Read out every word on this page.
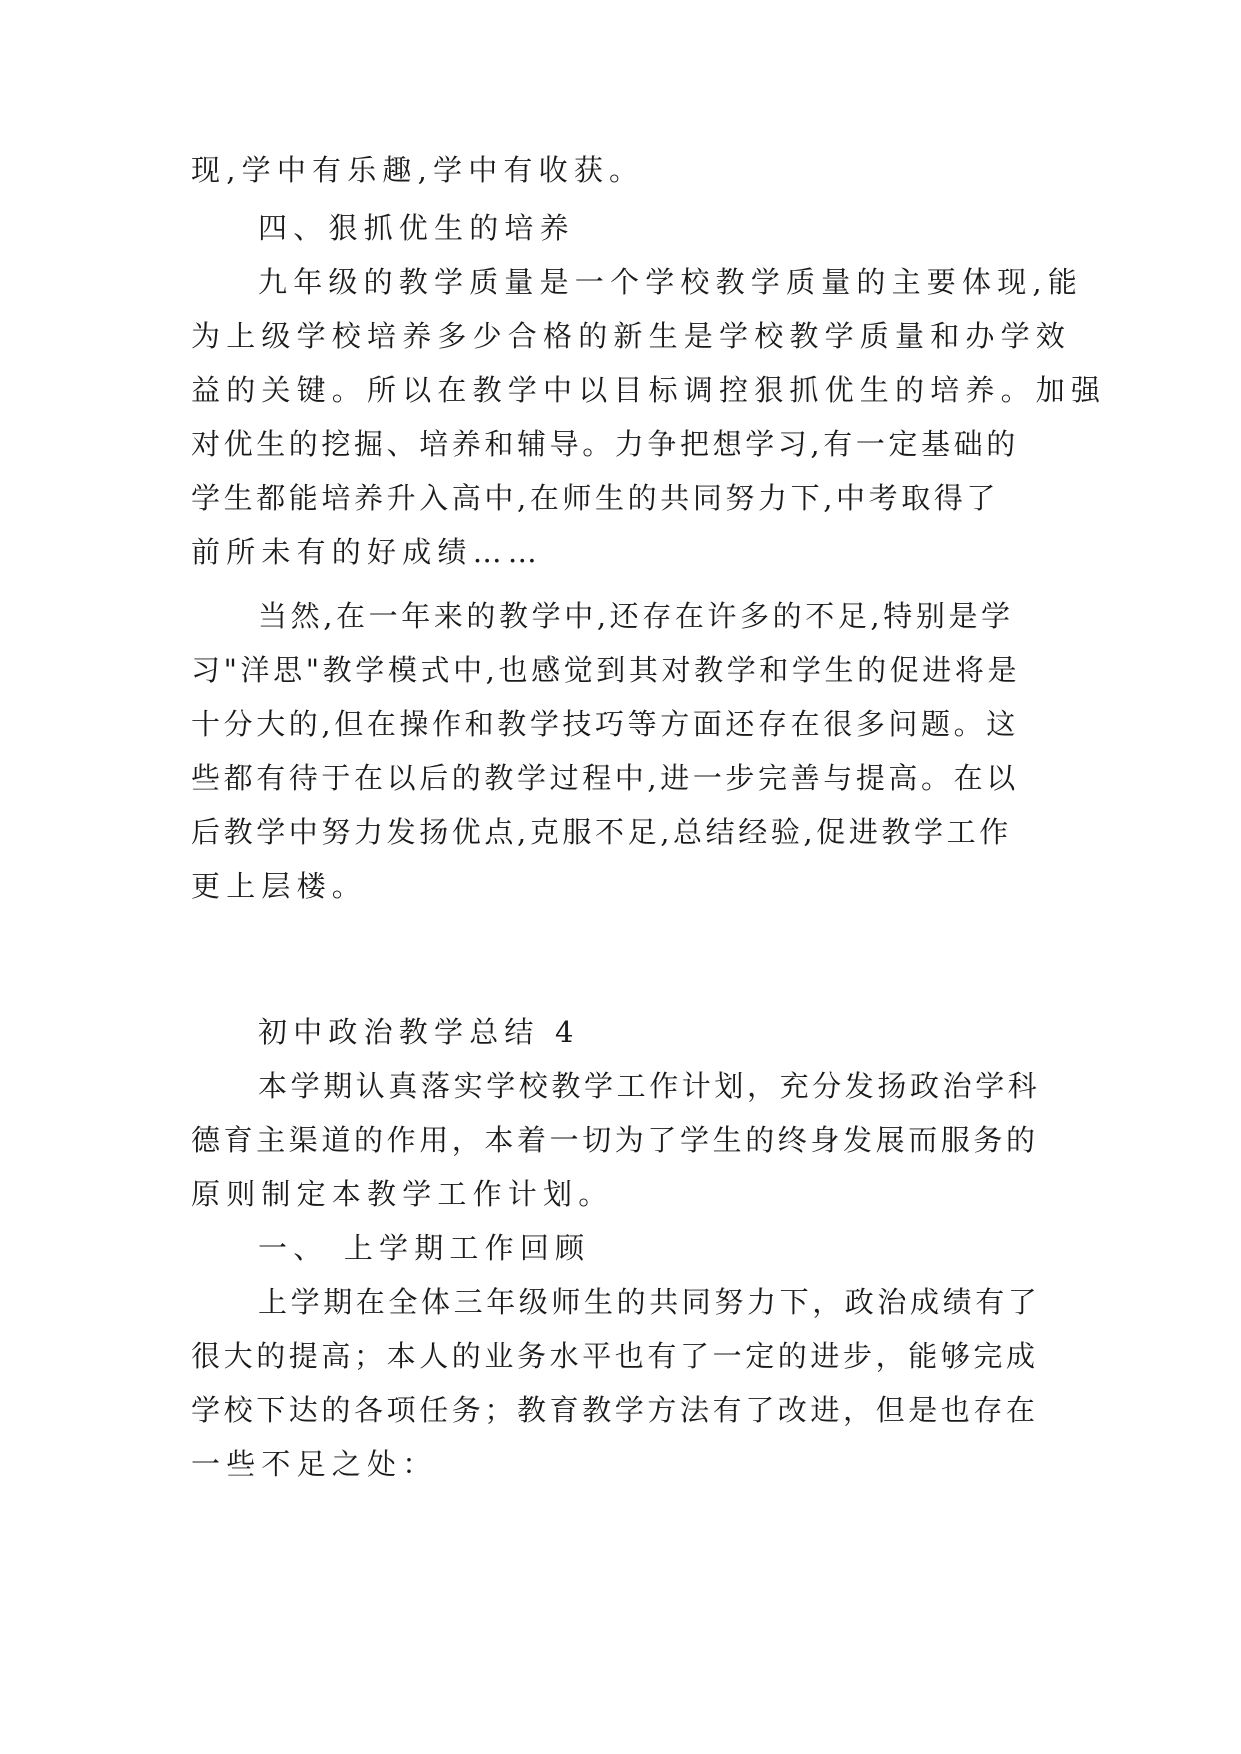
现,学中有乐趣,学中有收获。
四、狠抓优生的培养
九年级的教学质量是一个学校教学质量的主要体现,能
为上级学校培养多少合格的新生是学校教学质量和办学效
益的关键。所以在教学中以目标调控狠抓优生的培养。加强
对优生的挖掘、培养和辅导。力争把想学习,有一定基础的
学生都能培养升入高中,在师生的共同努力下,中考取得了
前所未有的好成绩……
当然,在一年来的教学中,还存在许多的不足,特别是学
习"洋思"教学模式中,也感觉到其对教学和学生的促进将是
十分大的,但在操作和教学技巧等方面还存在很多问题。这
些都有待于在以后的教学过程中,进一步完善与提高。在以
后教学中努力发扬优点,克服不足,总结经验,促进教学工作
更上层楼。
初中政治教学总结 4
本学期认真落实学校教学工作计划，充分发扬政治学科
德育主渠道的作用，本着一切为了学生的终身发展而服务的
原则制定本教学工作计划。
一、 上学期工作回顾
上学期在全体三年级师生的共同努力下，政治成绩有了
很大的提高；本人的业务水平也有了一定的进步，能够完成
学校下达的各项任务；教育教学方法有了改进，但是也存在
一些不足之处：
